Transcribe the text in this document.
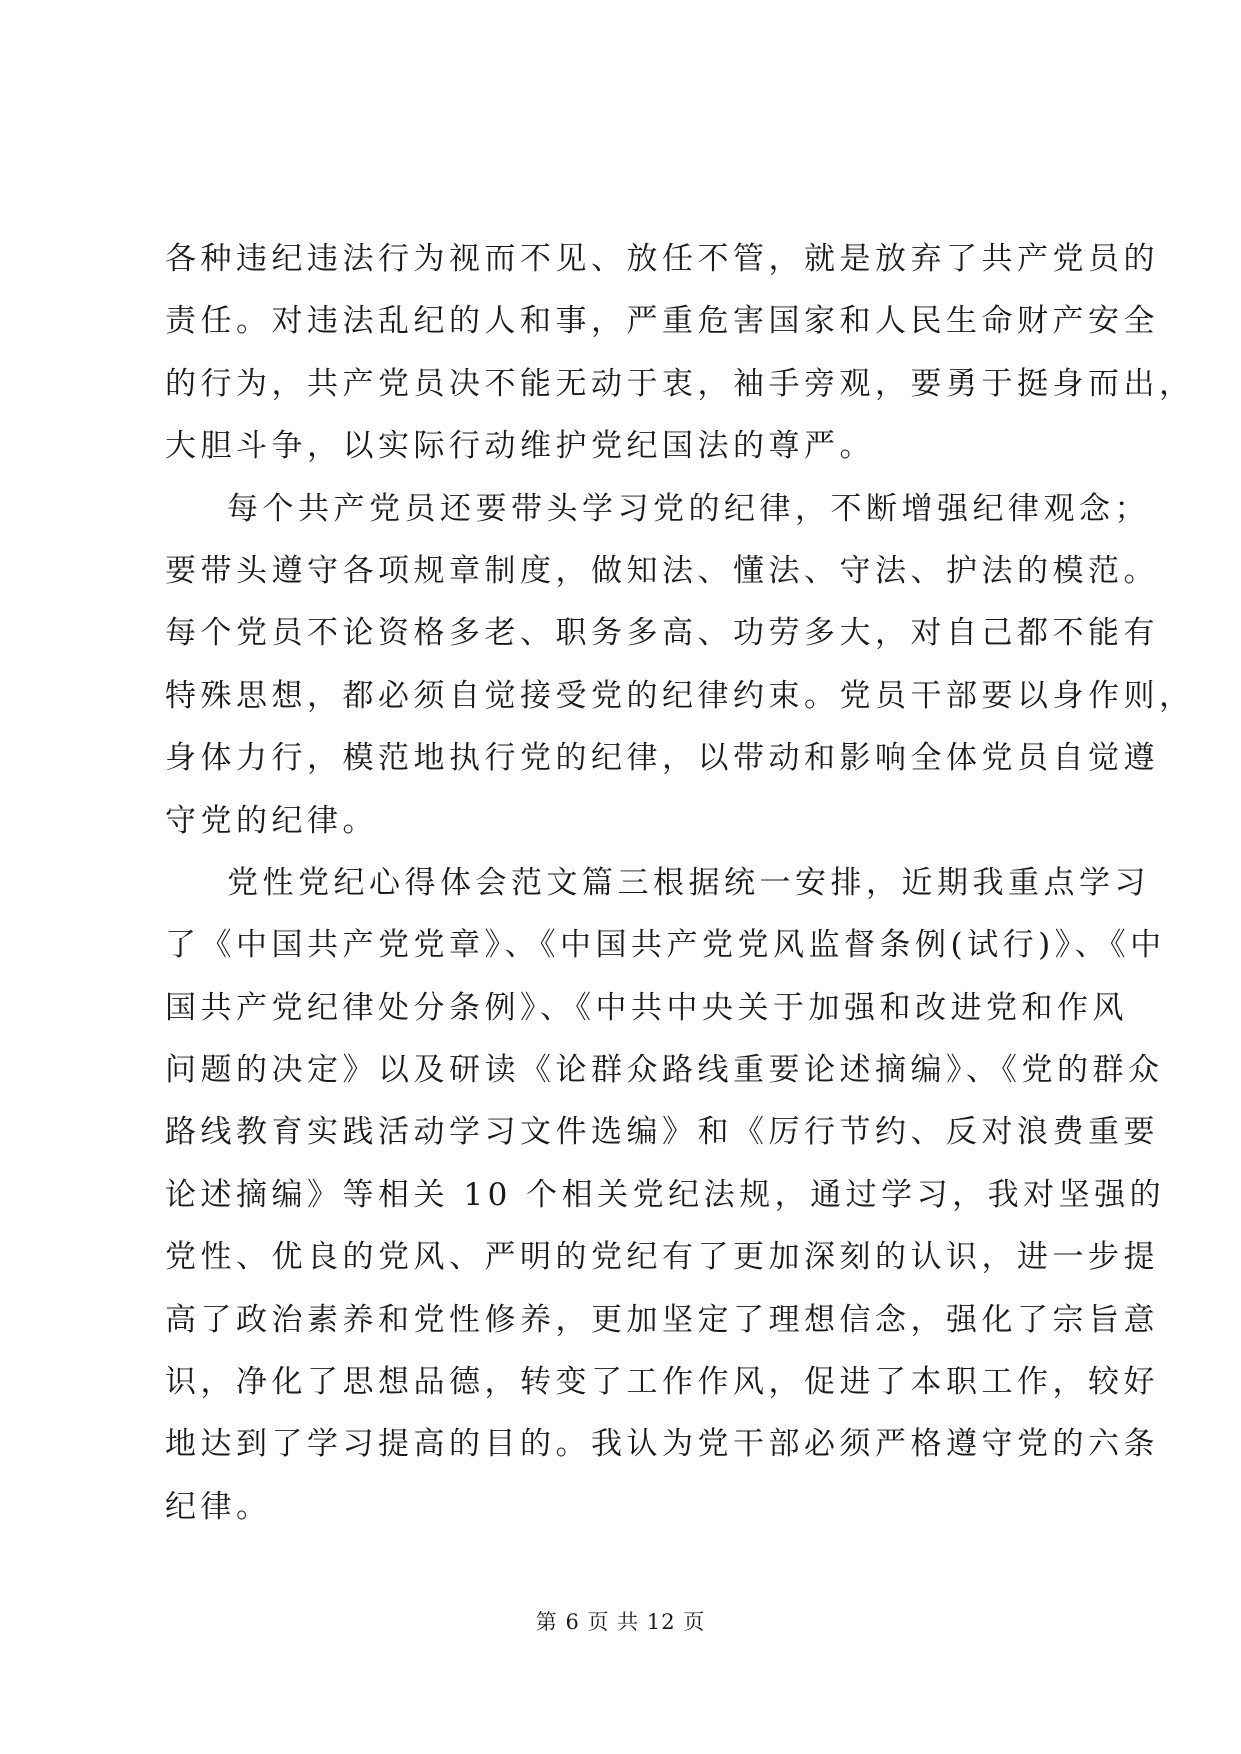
各种违纪违法行为视而不见、放任不管，就是放弃了共产党员的
责任。对违法乱纪的人和事，严重危害国家和人民生命财产安全
的行为，共产党员决不能无动于衷，袖手旁观，要勇于挺身而出，
大胆斗争，以实际行动维护党纪国法的尊严。
每个共产党员还要带头学习党的纪律，不断增强纪律观念；
要带头遵守各项规章制度，做知法、懂法、守法、护法的模范。
每个党员不论资格多老、职务多高、功劳多大，对自己都不能有
特殊思想，都必须自觉接受党的纪律约束。党员干部要以身作则，
身体力行，模范地执行党的纪律，以带动和影响全体党员自觉遵
守党的纪律。
党性党纪心得体会范文篇三根据统一安排，近期我重点学习
了《中国共产党党章》、《中国共产党党风监督条例(试行)》、《中
国共产党纪律处分条例》、《中共中央关于加强和改进党和作风
问题的决定》以及研读《论群众路线重要论述摘编》、《党的群众
路线教育实践活动学习文件选编》和《厉行节约、反对浪费重要
论述摘编》等相关 10 个相关党纪法规，通过学习，我对坚强的
党性、优良的党风、严明的党纪有了更加深刻的认识，进一步提
高了政治素养和党性修养，更加坚定了理想信念，强化了宗旨意
识，净化了思想品德，转变了工作作风，促进了本职工作，较好
地达到了学习提高的目的。我认为党干部必须严格遵守党的六条
纪律。
第 6 页 共 12 页
